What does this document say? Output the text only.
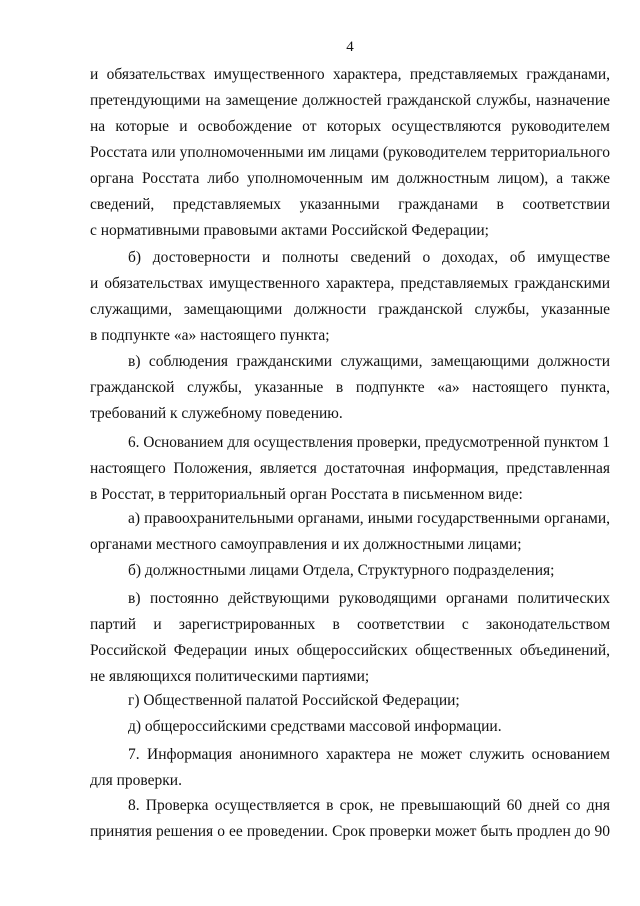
4
и обязательствах имущественного характера, представляемых гражданами,
претендующими на замещение должностей гражданской службы, назначение
на которые и освобождение от которых осуществляются руководителем
Росстата или уполномоченными им лицами (руководителем территориального
органа Росстата либо уполномоченным им должностным лицом), а также
сведений, представляемых указанными гражданами в соответствии
с нормативными правовыми актами Российской Федерации;
б) достоверности и полноты сведений о доходах, об имуществе
и обязательствах имущественного характера, представляемых гражданскими
служащими, замещающими должности гражданской службы, указанные
в подпункте «а» настоящего пункта;
в) соблюдения гражданскими служащими, замещающими должности
гражданской службы, указанные в подпункте «а» настоящего пункта,
требований к служебному поведению.
6. Основанием для осуществления проверки, предусмотренной пунктом 1
настоящего Положения, является достаточная информация, представленная
в Росстат, в территориальный орган Росстата в письменном виде:
а) правоохранительными органами, иными государственными органами,
органами местного самоуправления и их должностными лицами;
б) должностными лицами Отдела, Структурного подразделения;
в) постоянно действующими руководящими органами политических
партий и зарегистрированных в соответствии с законодательством
Российской Федерации иных общероссийских общественных объединений,
не являющихся политическими партиями;
г) Общественной палатой Российской Федерации;
д) общероссийскими средствами массовой информации.
7. Информация анонимного характера не может служить основанием
для проверки.
8. Проверка осуществляется в срок, не превышающий 60 дней со дня
принятия решения о ее проведении. Срок проверки может быть продлен до 90
